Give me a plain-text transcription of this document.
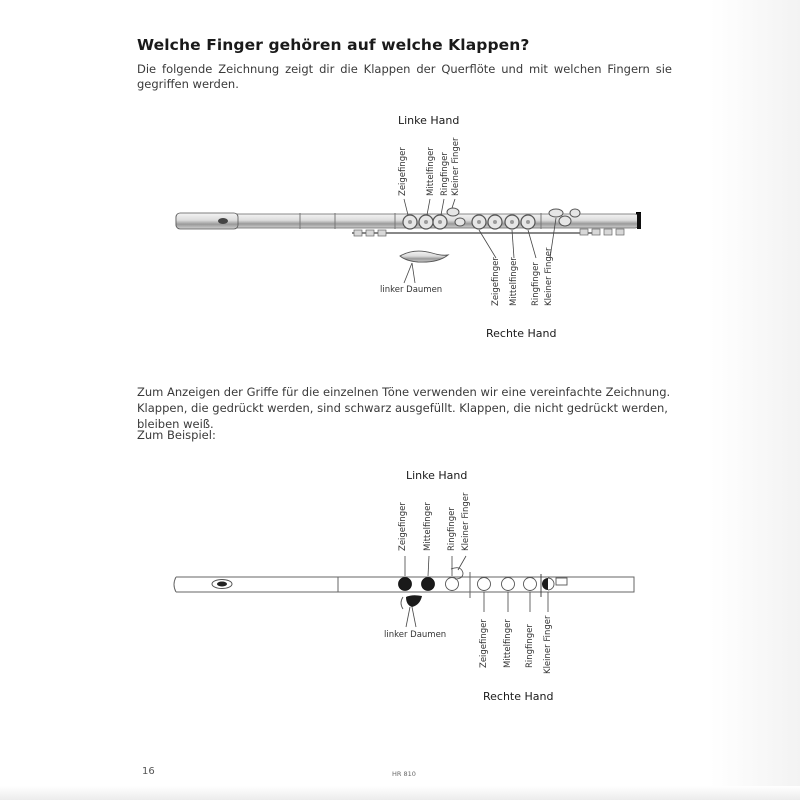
Welche Finger gehören auf welche Klappen?
Die folgende Zeichnung zeigt dir die Klappen der Querflöte und mit welchen Fingern sie gegriffen werden.
Linke Hand
Zeigefinger Mittelfinger Ringfinger Kleiner Finger
linker Daumen	Zeigefinger Mittelfinger Ringfinger Kleiner Finger
Rechte Hand
Zum Anzeigen der Griffe für die einzelnen Töne verwenden wir eine vereinfachte Zeichnung. Klappen, die gedrückt werden, sind schwarz ausgefüllt. Klappen, die nicht gedrückt werden, bleiben weiß.
Zum Beispiel:
Linke Hand
Zeigefinger Mittelfinger Ringfinger Kleiner Finger
linker Daumen	Zeigefinger Mittelfinger Ringfinger Kleiner Finger
Rechte Hand
16	HR 810
